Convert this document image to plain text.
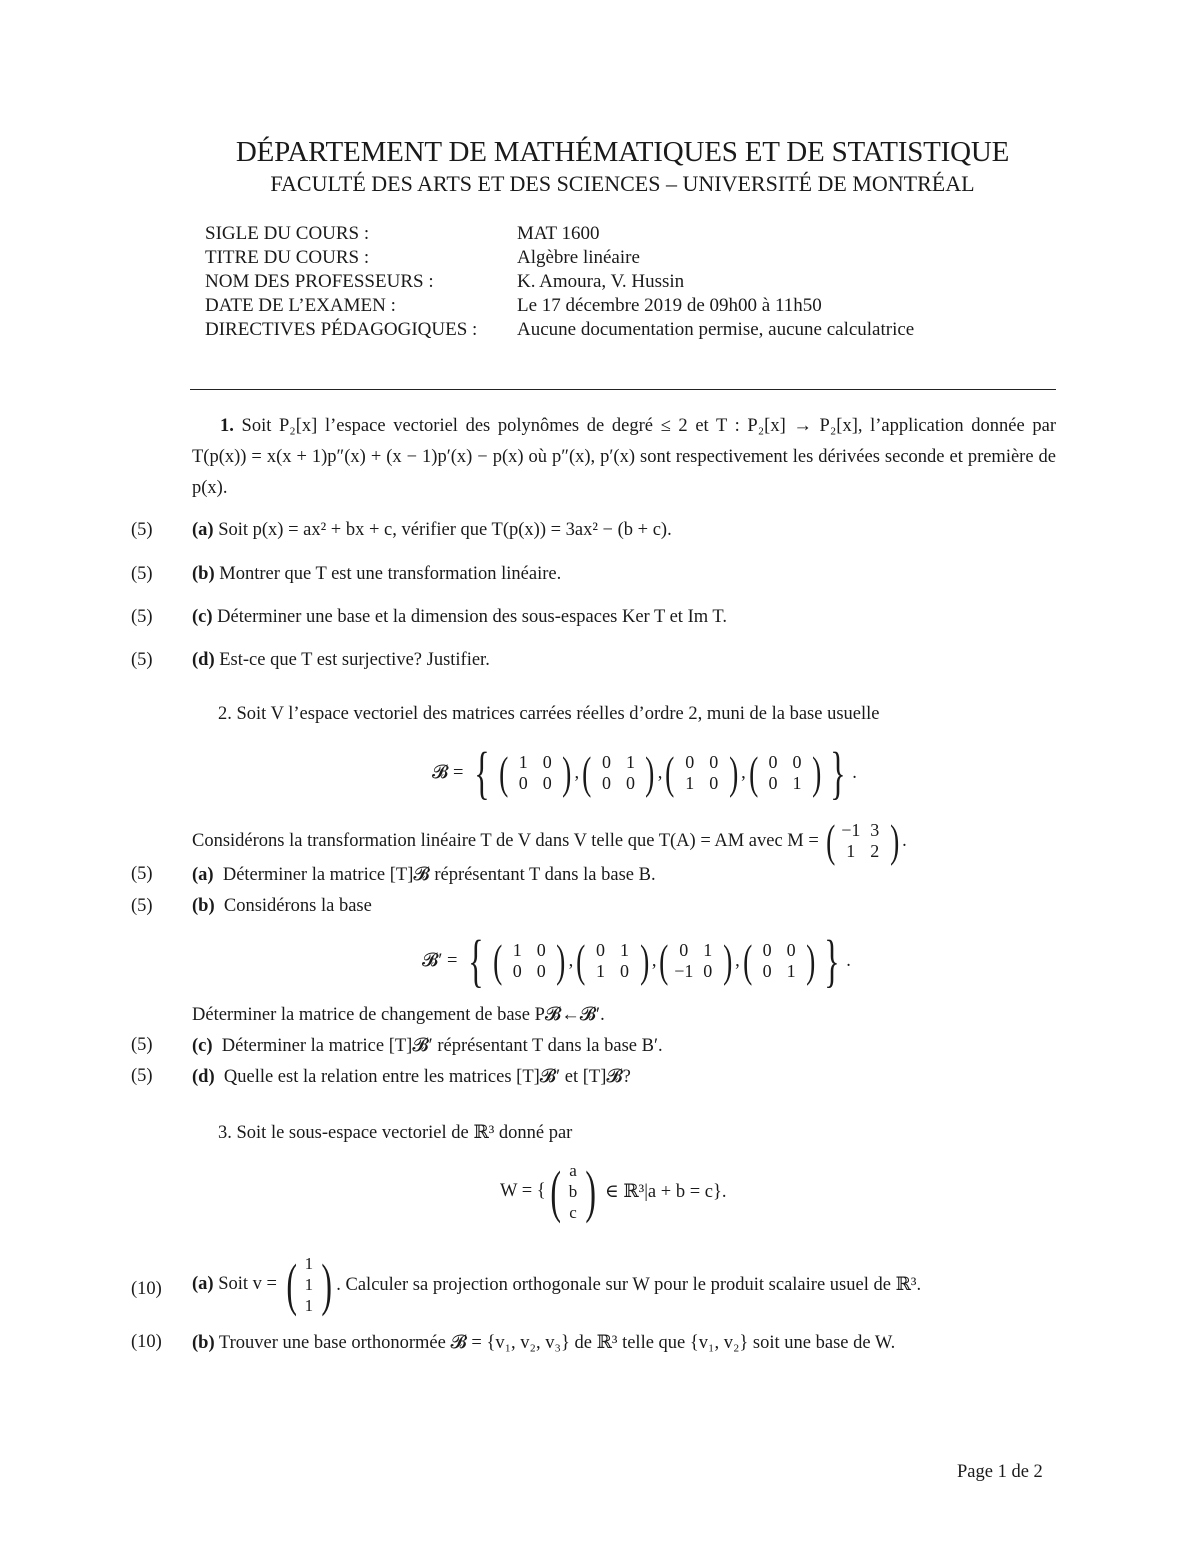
DÉPARTEMENT DE MATHÉMATIQUES ET DE STATISTIQUE
FACULTÉ DES ARTS ET DES SCIENCES – UNIVERSITÉ DE MONTRÉAL
SIGLE DU COURS :	MAT 1600
TITRE DU COURS :	Algèbre linéaire
NOM DES PROFESSEURS :	K. Amoura, V. Hussin
DATE DE L’EXAMEN :	Le 17 décembre 2019 de 09h00 à 11h50
DIRECTIVES PÉDAGOGIQUES : Aucune documentation permise, aucune calculatrice
1. Soit P₂[x] l’espace vectoriel des polynômes de degré ≤ 2 et T : P₂[x] → P₂[x], l’application donnée par T(p(x)) = x(x + 1)p″(x) + (x − 1)p′(x) − p(x) où p″(x), p′(x) sont respectivement les dérivées seconde et première de p(x).
(5) (a) Soit p(x) = ax² + bx + c, vérifier que T(p(x)) = 3ax² − (b + c).
(5) (b) Montrer que T est une transformation linéaire.
(5) (c) Déterminer une base et la dimension des sous-espaces Ker T et Im T.
(5) (d) Est-ce que T est surjective? Justifier.
2. Soit V l’espace vectoriel des matrices carrées réelles d’ordre 2, muni de la base usuelle
𝓑 =
{ ( 1 0
0 0 ) , ( 0 1
0 0 ) , ( 0 0
1 0 ) , ( 0 0
0 1 ) } .
Considérons la transformation linéaire T de V dans V telle que T(A) = AM avec M =
( −1 3
1 2 ) .
(5) (a) Déterminer la matrice [T]𝓑 réprésentant T dans la base B.
(5) (b) Considérons la base
𝓑′ =
{ ( 1 0
0 0 ) , ( 0 1
1 0 ) , ( 0 1
−1 0 ) , ( 0 0
0 1 ) } .
Déterminer la matrice de changement de base P𝓑←𝓑′.
(5) (c) Déterminer la matrice [T]𝓑′ réprésentant T dans la base B′.
(5) (d) Quelle est la relation entre les matrices [T]𝓑′ et [T]𝓑?
3. Soit le sous-espace vectoriel de ℝ³ donné par
W = { ( a
b
c )
∈ ℝ³|a + b = c}.
(10) (a)
Soit v =
( 1
1
1 ) . Calculer sa projection orthogonale sur W pour le produit scalaire usuel de ℝ³.
(10) (b) Trouver une base orthonormée 𝓑 = {v₁, v₂, v₃} de ℝ³ telle que {v₁, v₂} soit une base de W.
Page 1 de 2
